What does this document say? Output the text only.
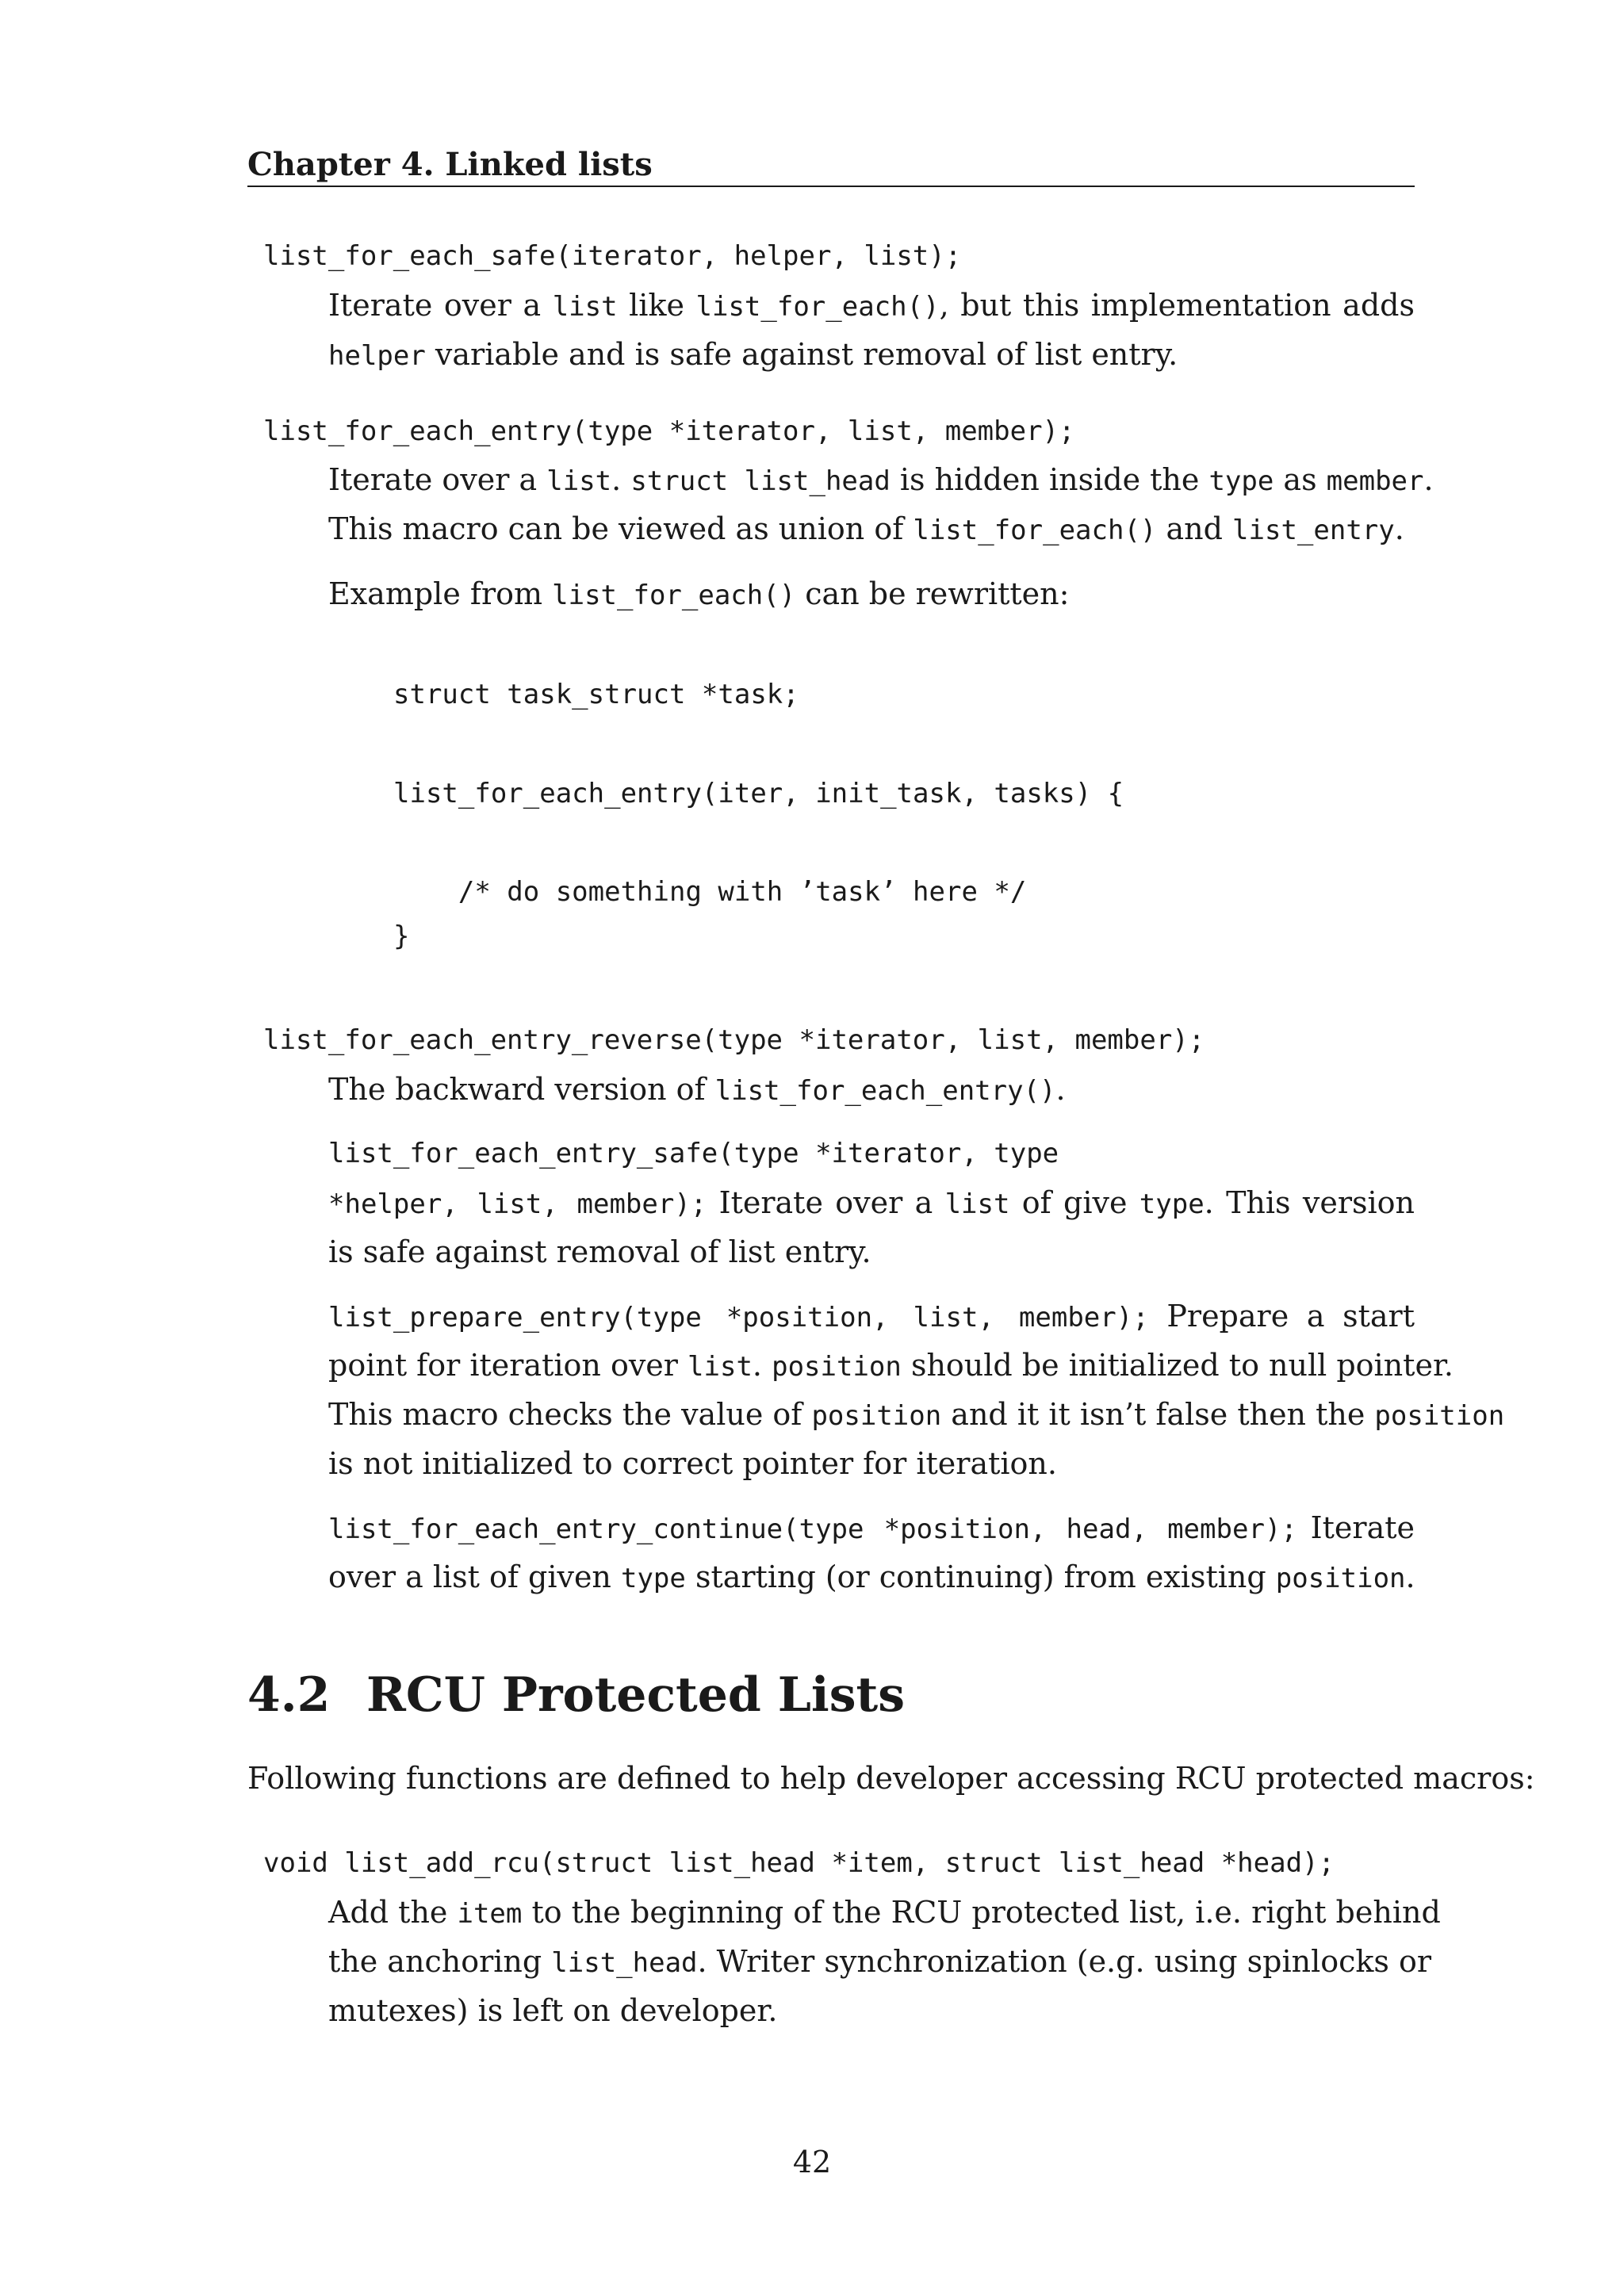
Chapter 4. Linked lists
list_for_each_safe(iterator, helper, list);
Iterate over a list like list_for_each(), but this implementation adds
helper variable and is safe against removal of list entry.
list_for_each_entry(type *iterator, list, member);
Iterate over a list. struct list_head is hidden inside the type as member.
This macro can be viewed as union of list_for_each() and list_entry.
Example from list_for_each() can be rewritten:
struct task_struct *task;
list_for_each_entry(iter, init_task, tasks) {
/* do something with ’task’ here */
}
list_for_each_entry_reverse(type *iterator, list, member);
The backward version of list_for_each_entry().
list_for_each_entry_safe(type *iterator, type
*helper, list, member); Iterate over a list of give type. This version
is safe against removal of list entry.
list_prepare_entry(type *position, list, member); Prepare a start
point for iteration over list. position should be initialized to null pointer.
This macro checks the value of position and it it isn’t false then the position
is not initialized to correct pointer for iteration.
list_for_each_entry_continue(type *position, head, member); Iterate
over a list of given type starting (or continuing) from existing position.
4.2 RCU Protected Lists
Following functions are defined to help developer accessing RCU protected macros:
void list_add_rcu(struct list_head *item, struct list_head *head);
Add the item to the beginning of the RCU protected list, i.e. right behind
the anchoring list_head. Writer synchronization (e.g. using spinlocks or
mutexes) is left on developer.
42
